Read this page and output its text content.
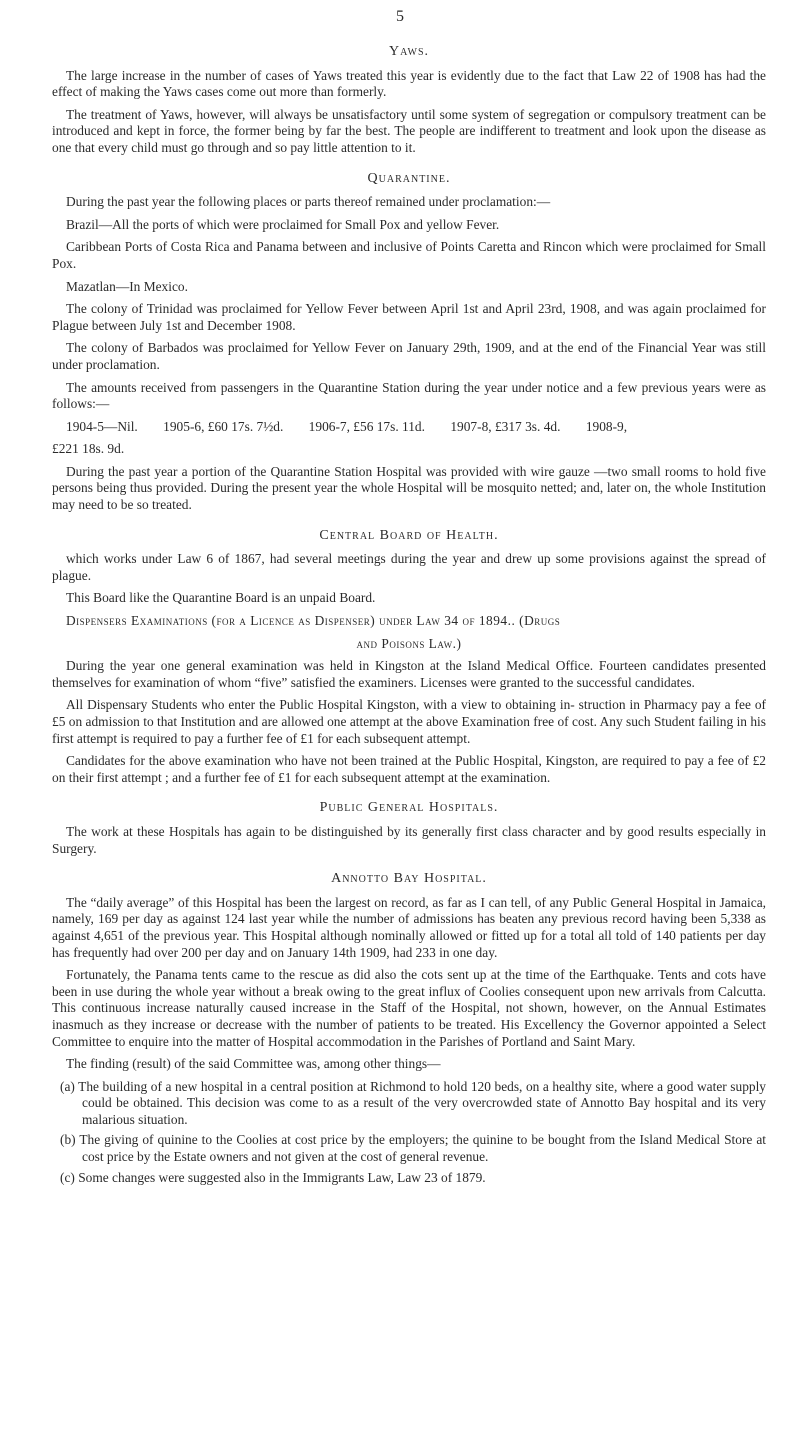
5
Yaws.

The large increase in the number of cases of Yaws treated this year is evidently due to the fact that Law 22 of 1908 has had the effect of making the Yaws cases come out more than formerly.

The treatment of Yaws, however, will always be unsatisfactory until some system of segregation or compulsory treatment can be introduced and kept in force, the former being by far the best. The people are indifferent to treatment and look upon the disease as one that every child must go through and so pay little attention to it.

Quarantine.

During the past year the following places or parts thereof remained under proclamation:—

Brazil—All the ports of which were proclaimed for Small Pox and yellow Fever.

Caribbean Ports of Costa Rica and Panama between and inclusive of Points Caretta and Rincon which were proclaimed for Small Pox.

Mazatlan—In Mexico.

The colony of Trinidad was proclaimed for Yellow Fever between April 1st and April 23rd, 1908, and was again proclaimed for Plague between July 1st and December 1908.

The colony of Barbados was proclaimed for Yellow Fever on January 29th, 1909, and at the end of the Financial Year was still under proclamation.

The amounts received from passengers in the Quarantine Station during the year under notice and a few previous years were as follows:—

1904-5—Nil. 1905-6, £60 17s. 7½d. 1906-7, £56 17s. 11d. 1907-8, £317 3s. 4d. 1908-9,

£221 18s. 9d.

During the past year a portion of the Quarantine Station Hospital was provided with wire gauze —two small rooms to hold five persons being thus provided. During the present year the whole Hospital will be mosquito netted; and, later on, the whole Institution may need to be so treated.

Central Board of Health.

which works under Law 6 of 1867, had several meetings during the year and drew up some provisions against the spread of plague.

This Board like the Quarantine Board is an unpaid Board.

Dispensers Examinations (for a Licence as Dispenser) under Law 34 of 1894.. (Drugs

and Poisons Law.)

During the year one general examination was held in Kingston at the Island Medical Office. Fourteen candidates presented themselves for examination of whom “five” satisfied the examiners. Licenses were granted to the successful candidates.

All Dispensary Students who enter the Public Hospital Kingston, with a view to obtaining in- struction in Pharmacy pay a fee of £5 on admission to that Institution and are allowed one attempt at the above Examination free of cost. Any such Student failing in his first attempt is required to pay a further fee of £1 for each subsequent attempt.

Candidates for the above examination who have not been trained at the Public Hospital, Kingston, are required to pay a fee of £2 on their first attempt ; and a further fee of £1 for each subsequent attempt at the examination.

Public General Hospitals.

The work at these Hospitals has again to be distinguished by its generally first class character and by good results especially in Surgery.

Annotto Bay Hospital.

The “daily average” of this Hospital has been the largest on record, as far as I can tell, of any Public General Hospital in Jamaica, namely, 169 per day as against 124 last year while the number of admissions has beaten any previous record having been 5,338 as against 4,651 of the previous year. This Hospital although nominally allowed or fitted up for a total all told of 140 patients per day has frequently had over 200 per day and on January 14th 1909, had 233 in one day.

Fortunately, the Panama tents came to the rescue as did also the cots sent up at the time of the Earthquake. Tents and cots have been in use during the whole year without a break owing to the great influx of Coolies consequent upon new arrivals from Calcutta. This continuous increase naturally caused increase in the Staff of the Hospital, not shown, however, on the Annual Estimates inasmuch as they increase or decrease with the number of patients to be treated. His Excellency the Governor appointed a Select Committee to enquire into the matter of Hospital accommodation in the Parishes of Portland and Saint Mary.

The finding (result) of the said Committee was, among other things—

(a) The building of a new hospital in a central position at Richmond to hold 120 beds, on a healthy site, where a good water supply could be obtained. This decision was come to as a result of the very overcrowded state of Annotto Bay hospital and its very malarious situation.
(b) The giving of quinine to the Coolies at cost price by the employers; the quinine to be bought from the Island Medical Store at cost price by the Estate owners and not given at the cost of general revenue.
(c) Some changes were suggested also in the Immigrants Law, Law 23 of 1879.
